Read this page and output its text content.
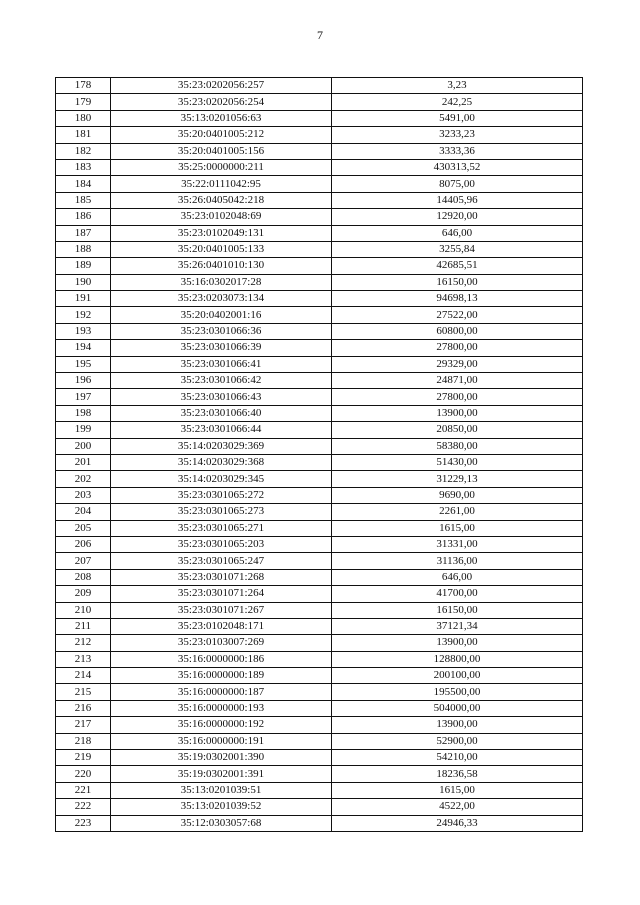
7
178	35:23:0202056:257	3,23
179	35:23:0202056:254	242,25
180	35:13:0201056:63	5491,00
181	35:20:0401005:212	3233,23
182	35:20:0401005:156	3333,36
183	35:25:0000000:211	430313,52
184	35:22:0111042:95	8075,00
185	35:26:0405042:218	14405,96
186	35:23:0102048:69	12920,00
187	35:23:0102049:131	646,00
188	35:20:0401005:133	3255,84
189	35:26:0401010:130	42685,51
190	35:16:0302017:28	16150,00
191	35:23:0203073:134	94698,13
192	35:20:0402001:16	27522,00
193	35:23:0301066:36	60800,00
194	35:23:0301066:39	27800,00
195	35:23:0301066:41	29329,00
196	35:23:0301066:42	24871,00
197	35:23:0301066:43	27800,00
198	35:23:0301066:40	13900,00
199	35:23:0301066:44	20850,00
200	35:14:0203029:369	58380,00
201	35:14:0203029:368	51430,00
202	35:14:0203029:345	31229,13
203	35:23:0301065:272	9690,00
204	35:23:0301065:273	2261,00
205	35:23:0301065:271	1615,00
206	35:23:0301065:203	31331,00
207	35:23:0301065:247	31136,00
208	35:23:0301071:268	646,00
209	35:23:0301071:264	41700,00
210	35:23:0301071:267	16150,00
211	35:23:0102048:171	37121,34
212	35:23:0103007:269	13900,00
213	35:16:0000000:186	128800,00
214	35:16:0000000:189	200100,00
215	35:16:0000000:187	195500,00
216	35:16:0000000:193	504000,00
217	35:16:0000000:192	13900,00
218	35:16:0000000:191	52900,00
219	35:19:0302001:390	54210,00
220	35:19:0302001:391	18236,58
221	35:13:0201039:51	1615,00
222	35:13:0201039:52	4522,00
223	35:12:0303057:68	24946,33
